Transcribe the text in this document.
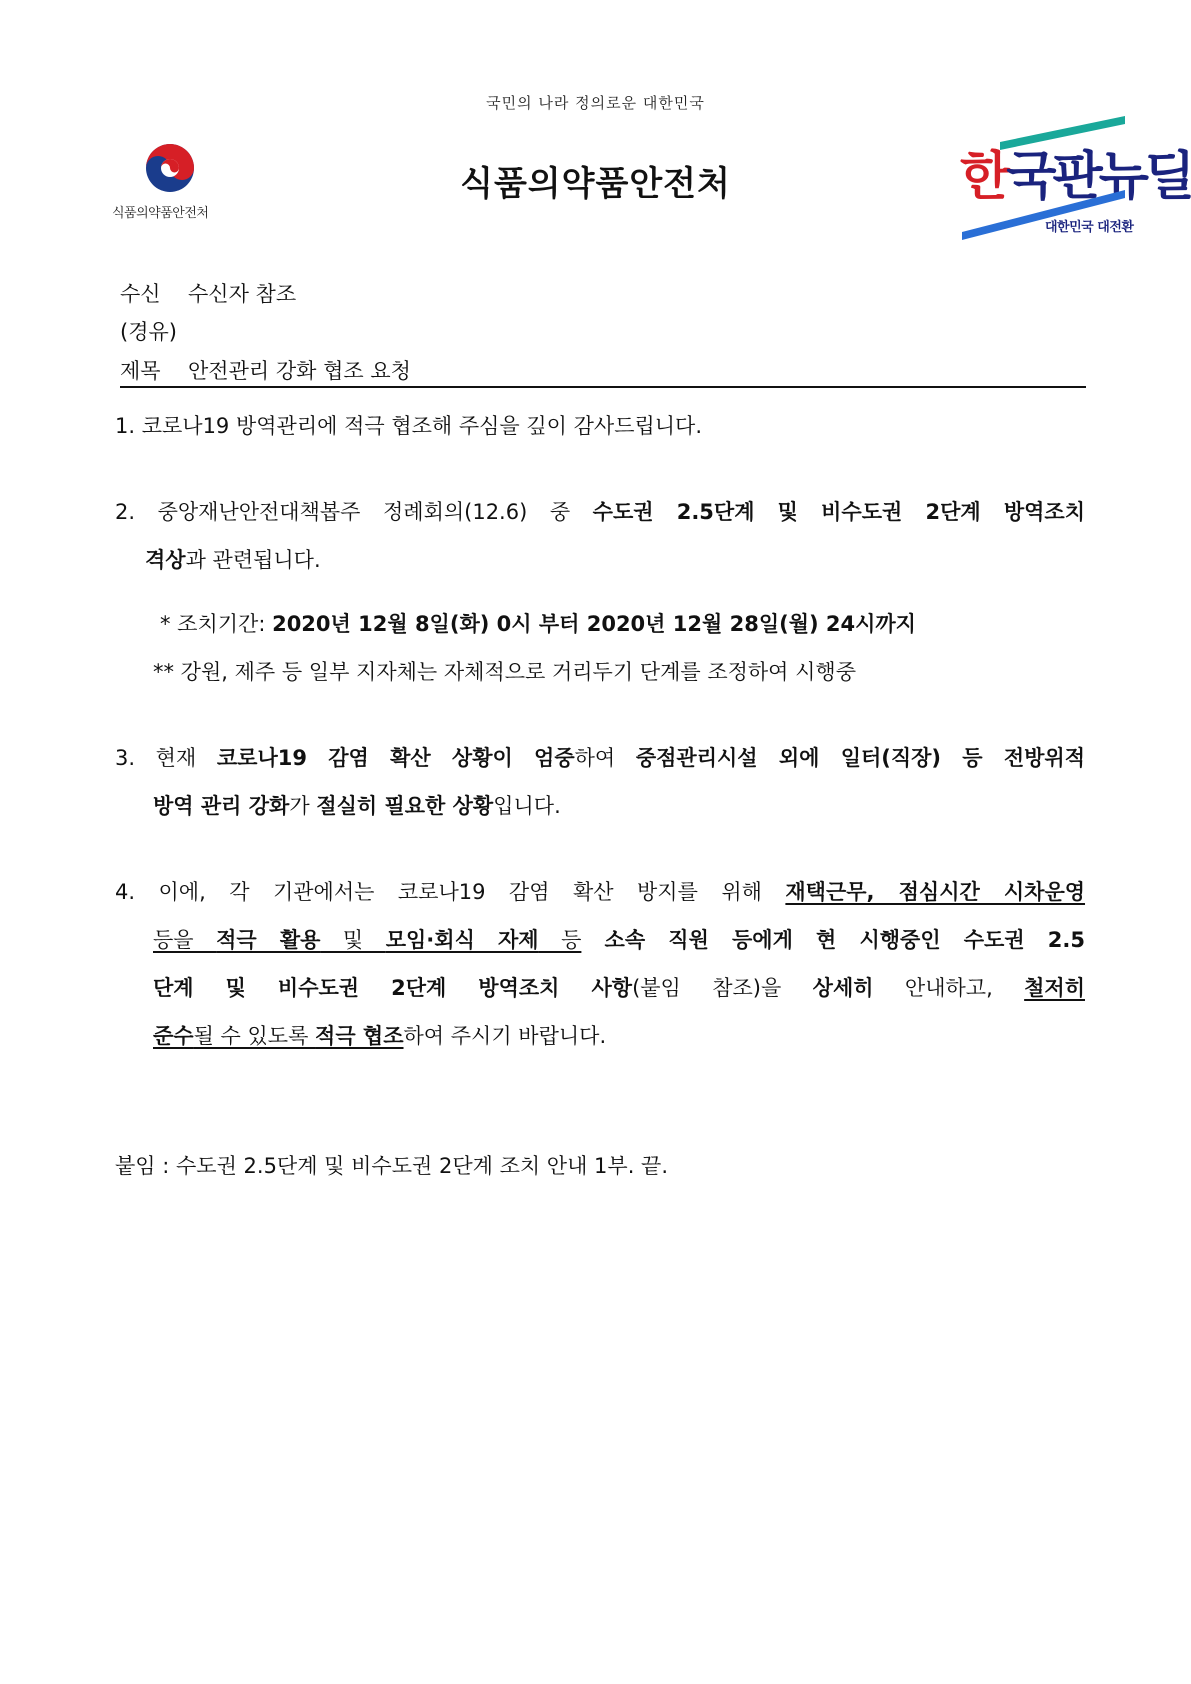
국민의 나라 정의로운 대한민국
식품의약품안전처
식품의약품안전처	한국판뉴딜
대한민국 대전환
수신 수신자 참조
(경유)
제목 안전관리 강화 협조 요청
1. 코로나19 방역관리에 적극 협조해 주심을 깊이 감사드립니다.
2. 중앙재난안전대책봅주 정례회의(12.6) 중 수도권 2.5단계 및 비수도권 2단계 방역조치
격상과 관련됩니다.
* 조치기간: 2020년 12월 8일(화) 0시 부터 2020년 12월 28일(월) 24시까지
** 강원, 제주 등 일부 지자체는 자체적으로 거리두기 단계를 조정하여 시행중
3. 현재 코로나19 감염 확산 상황이 엄중하여 중점관리시설 외에 일터(직장) 등 전방위적
방역 관리 강화가 절실히 필요한 상황입니다.
4. 이에, 각 기관에서는 코로나19 감염 확산 방지를 위해 재택근무, 점심시간 시차운영
등을 적극 활용 및 모임·회식 자제 등 소속 직원 등에게 현 시행중인 수도권 2.5
단계 및 비수도권 2단계 방역조치 사항(붙임 참조)을 상세히 안내하고, 철저히
준수될 수 있도록 적극 협조하여 주시기 바랍니다.
붙임 : 수도권 2.5단계 및 비수도권 2단계 조치 안내 1부. 끝.
